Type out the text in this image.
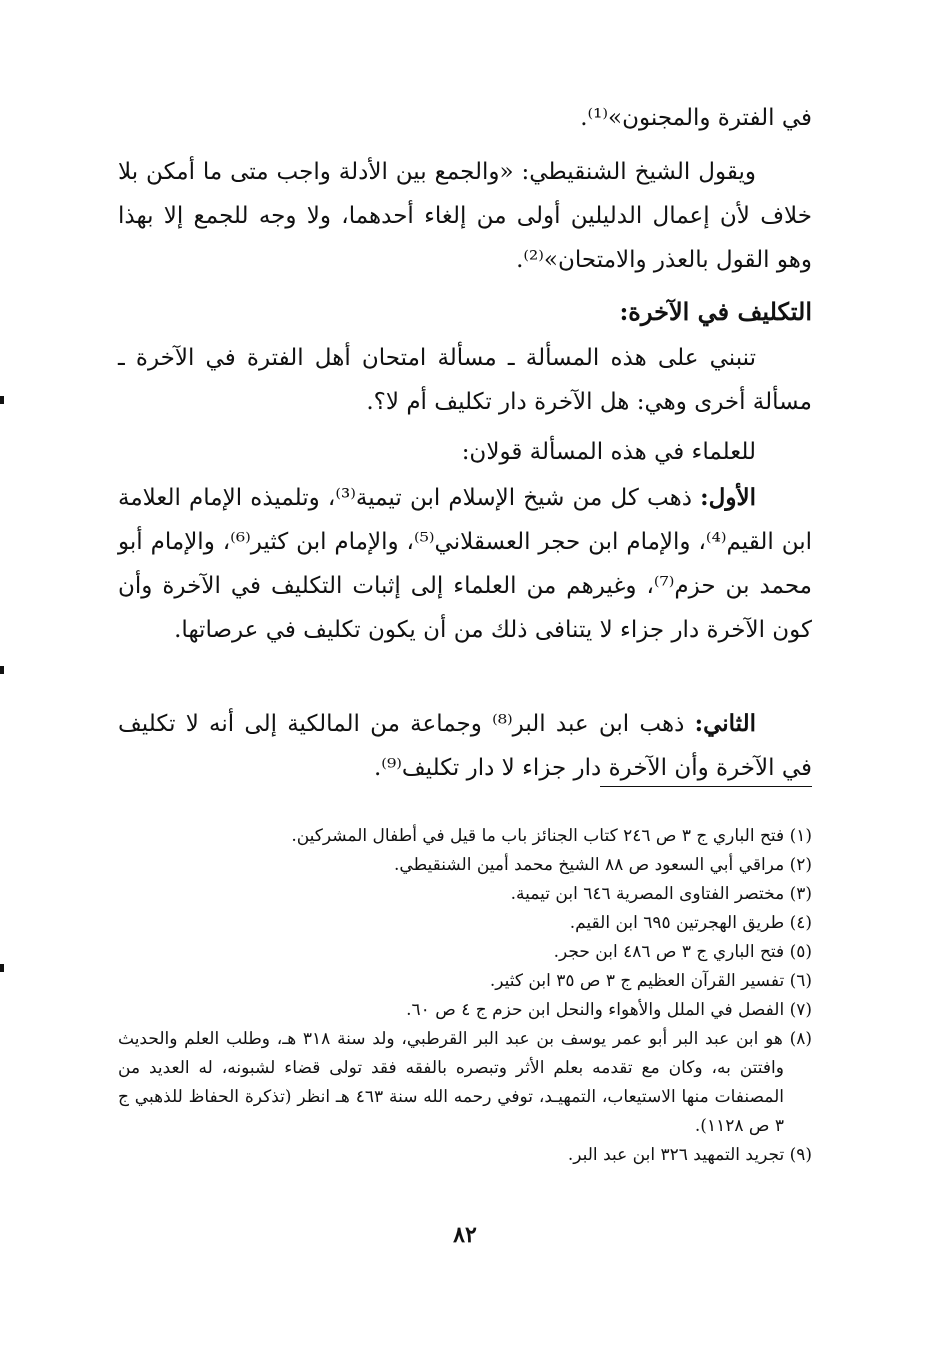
في الفترة والمجنون»⁽¹⁾.
ويقول الشيخ الشنقيطي: «والجمع بين الأدلة واجب متى ما أمكن بلا خلاف لأن إعمال الدليلين أولى من إلغاء أحدهما، ولا وجه للجمع إلا بهذا وهو القول بالعذر والامتحان»⁽²⁾.
التكليف في الآخرة:
تنبني على هذه المسألة ـ مسألة امتحان أهل الفترة في الآخرة ـ مسألة أخرى وهي: هل الآخرة دار تكليف أم لا؟.
للعلماء في هذه المسألة قولان:
الأول: ذهب كل من شيخ الإسلام ابن تيمية⁽³⁾، وتلميذه الإمام العلامة ابن القيم⁽⁴⁾، والإمام ابن حجر العسقلاني⁽⁵⁾، والإمام ابن كثير⁽⁶⁾، والإمام أبو محمد بن حزم⁽⁷⁾، وغيرهم من العلماء إلى إثبات التكليف في الآخرة وأن كون الآخرة دار جزاء لا يتنافى ذلك من أن يكون تكليف في عرصاتها.
الثاني: ذهب ابن عبد البر⁽⁸⁾ وجماعة من المالكية إلى أنه لا تكليف في الآخرة وأن الآخرة دار جزاء لا دار تكليف⁽⁹⁾.
(١) فتح الباري ج ٣ ص ٢٤٦ كتاب الجنائز باب ما قيل في أطفال المشركين.
(٢) مراقي أبي السعود ص ٨٨ الشيخ محمد أمين الشنقيطي.
(٣) مختصر الفتاوى المصرية ٦٤٦ ابن تيمية.
(٤) طريق الهجرتين ٦٩٥ ابن القيم.
(٥) فتح الباري ج ٣ ص ٤٨٦ ابن حجر.
(٦) تفسير القرآن العظيم ج ٣ ص ٣٥ ابن كثير.
(٧) الفصل في الملل والأهواء والنحل ابن حزم ج ٤ ص ٦٠.
(٨) هو ابن عبد البر أبو عمر يوسف بن عبد البر القرطبي، ولد سنة ٣١٨ هـ، وطلب العلم والحديث وافتتن به، وكان مع تقدمه بعلم الأثر وتبصره بالفقه فقد تولى قضاء لشبونه، له العديد من المصنفات منها الاستيعاب، التمهيـد، توفي رحمه الله سنة ٤٦٣ هـ انظر (تذكرة الحفاظ للذهبي ج ٣ ص ١١٢٨).
(٩) تجريد التمهيد ٣٢٦ ابن عبد البر.
٨٢
